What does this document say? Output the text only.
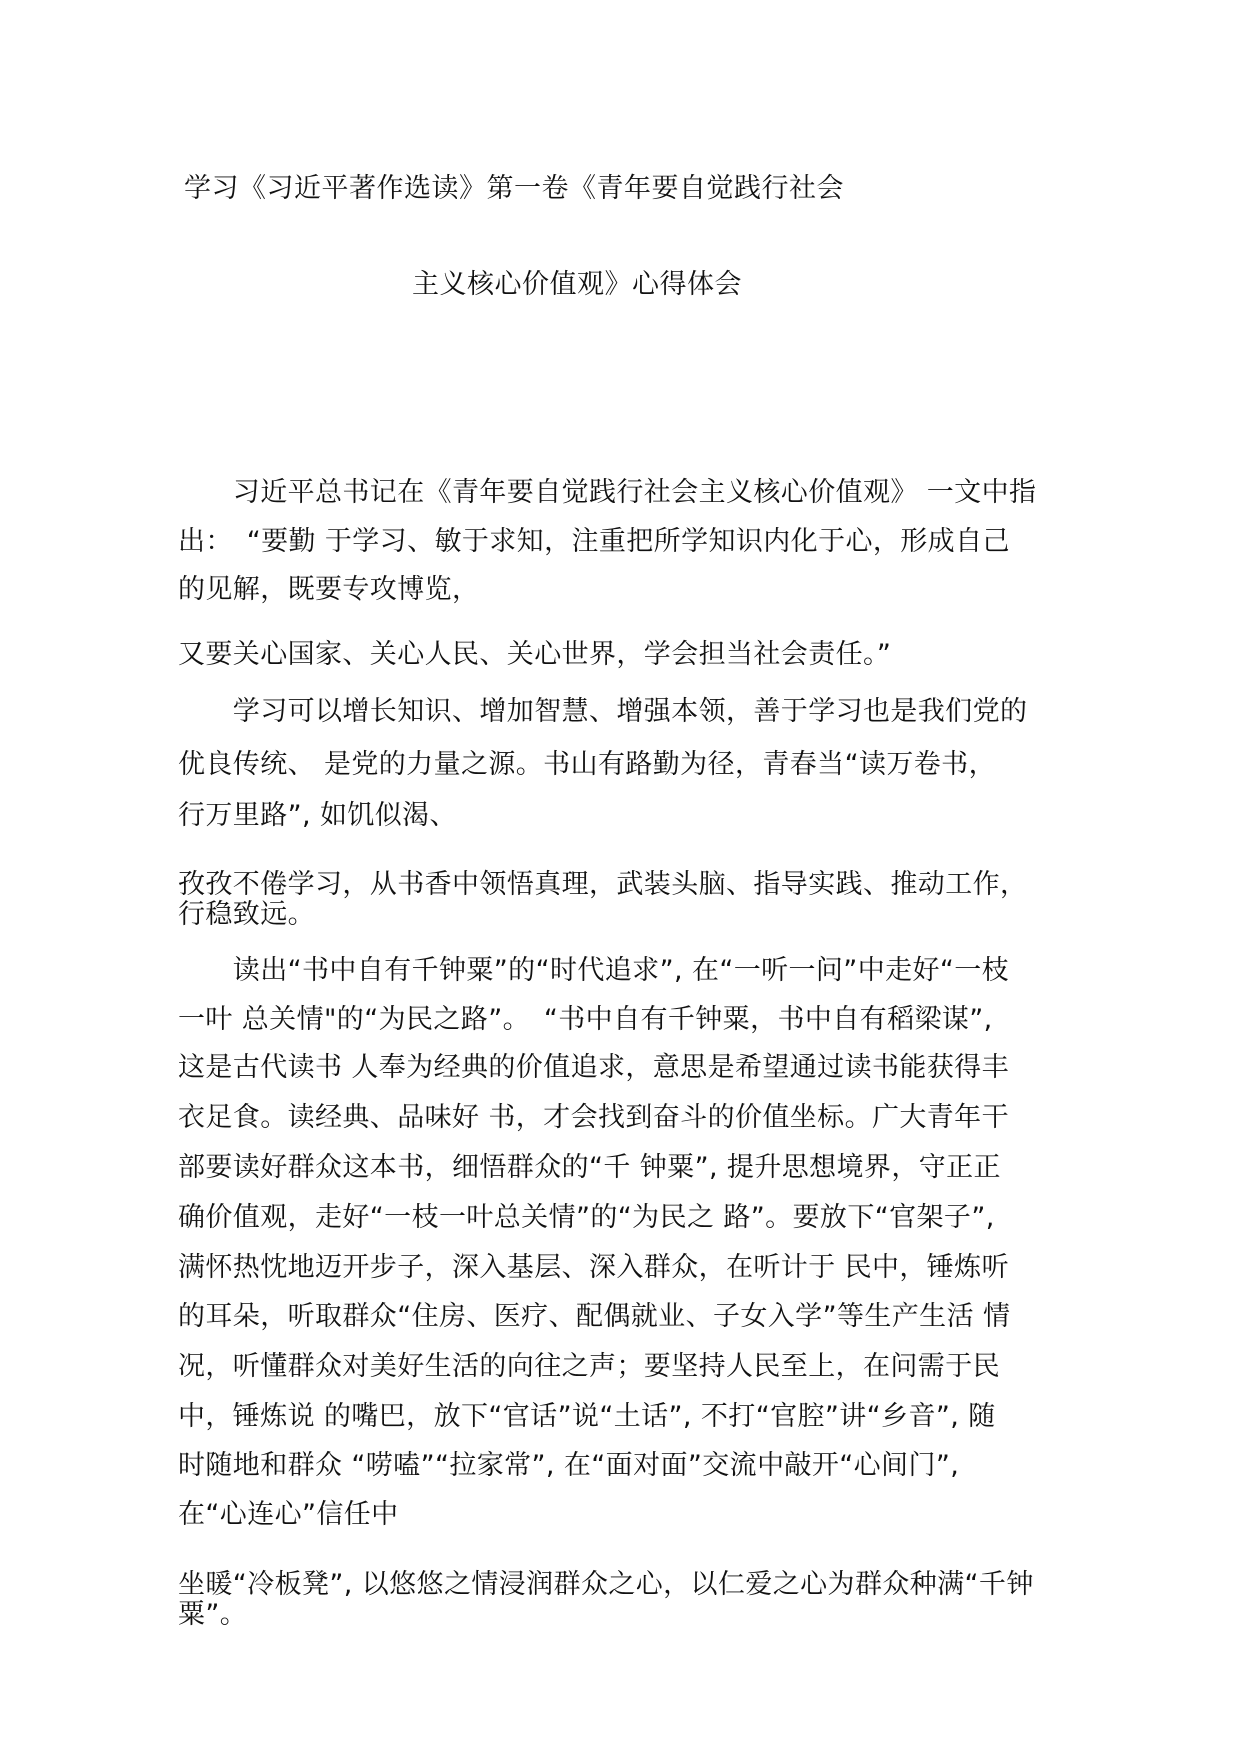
学习《习近平著作选读》第一卷《青年要自觉践行社会
主义核心价值观》心得体会
　　习近平总书记在《青年要自觉践行社会主义核心价值观》 一文中指
出：　“要勤 于学习、敏于求知，注重把所学知识内化于心，形成自己
的见解，既要专攻博览，
又要关心国家、关心人民、关心世界，学会担当社会责任。”
　　学习可以增长知识、增加智慧、增强本领，善于学习也是我们党的
优良传统、 是党的力量之源。书山有路勤为径，青春当“读万卷书，
行万里路”, 如饥似渴、
孜孜不倦学习，从书香中领悟真理，武装头脑、指导实践、推动工作，
行稳致远。
　　读出“书中自有千钟粟”的“时代追求”, 在“一听一问”中走好“一枝
一叶 总关情"的“为民之路”。　“书中自有千钟粟，书中自有稻梁谋”,
这是古代读书 人奉为经典的价值追求，意思是希望通过读书能获得丰
衣足食。读经典、品味好 书，才会找到奋斗的价值坐标。广大青年干
部要读好群众这本书，细悟群众的“千 钟粟”, 提升思想境界，守正正
确价值观，走好“一枝一叶总关情”的“为民之 路”。要放下“官架子”,
满怀热忱地迈开步子，深入基层、深入群众，在听计于 民中，锤炼听
的耳朵，听取群众“住房、医疗、配偶就业、子女入学”等生产生活 情
况，听懂群众对美好生活的向往之声；要坚持人民至上，在问需于民
中，锤炼说 的嘴巴，放下“官话”说“土话”, 不打“官腔”讲“乡音”, 随
时随地和群众 “唠嗑”“拉家常”, 在“面对面”交流中敲开“心间门”,
在“心连心”信任中
坐暖“冷板凳”, 以悠悠之情浸润群众之心，以仁爱之心为群众种满“千钟
粟”。
